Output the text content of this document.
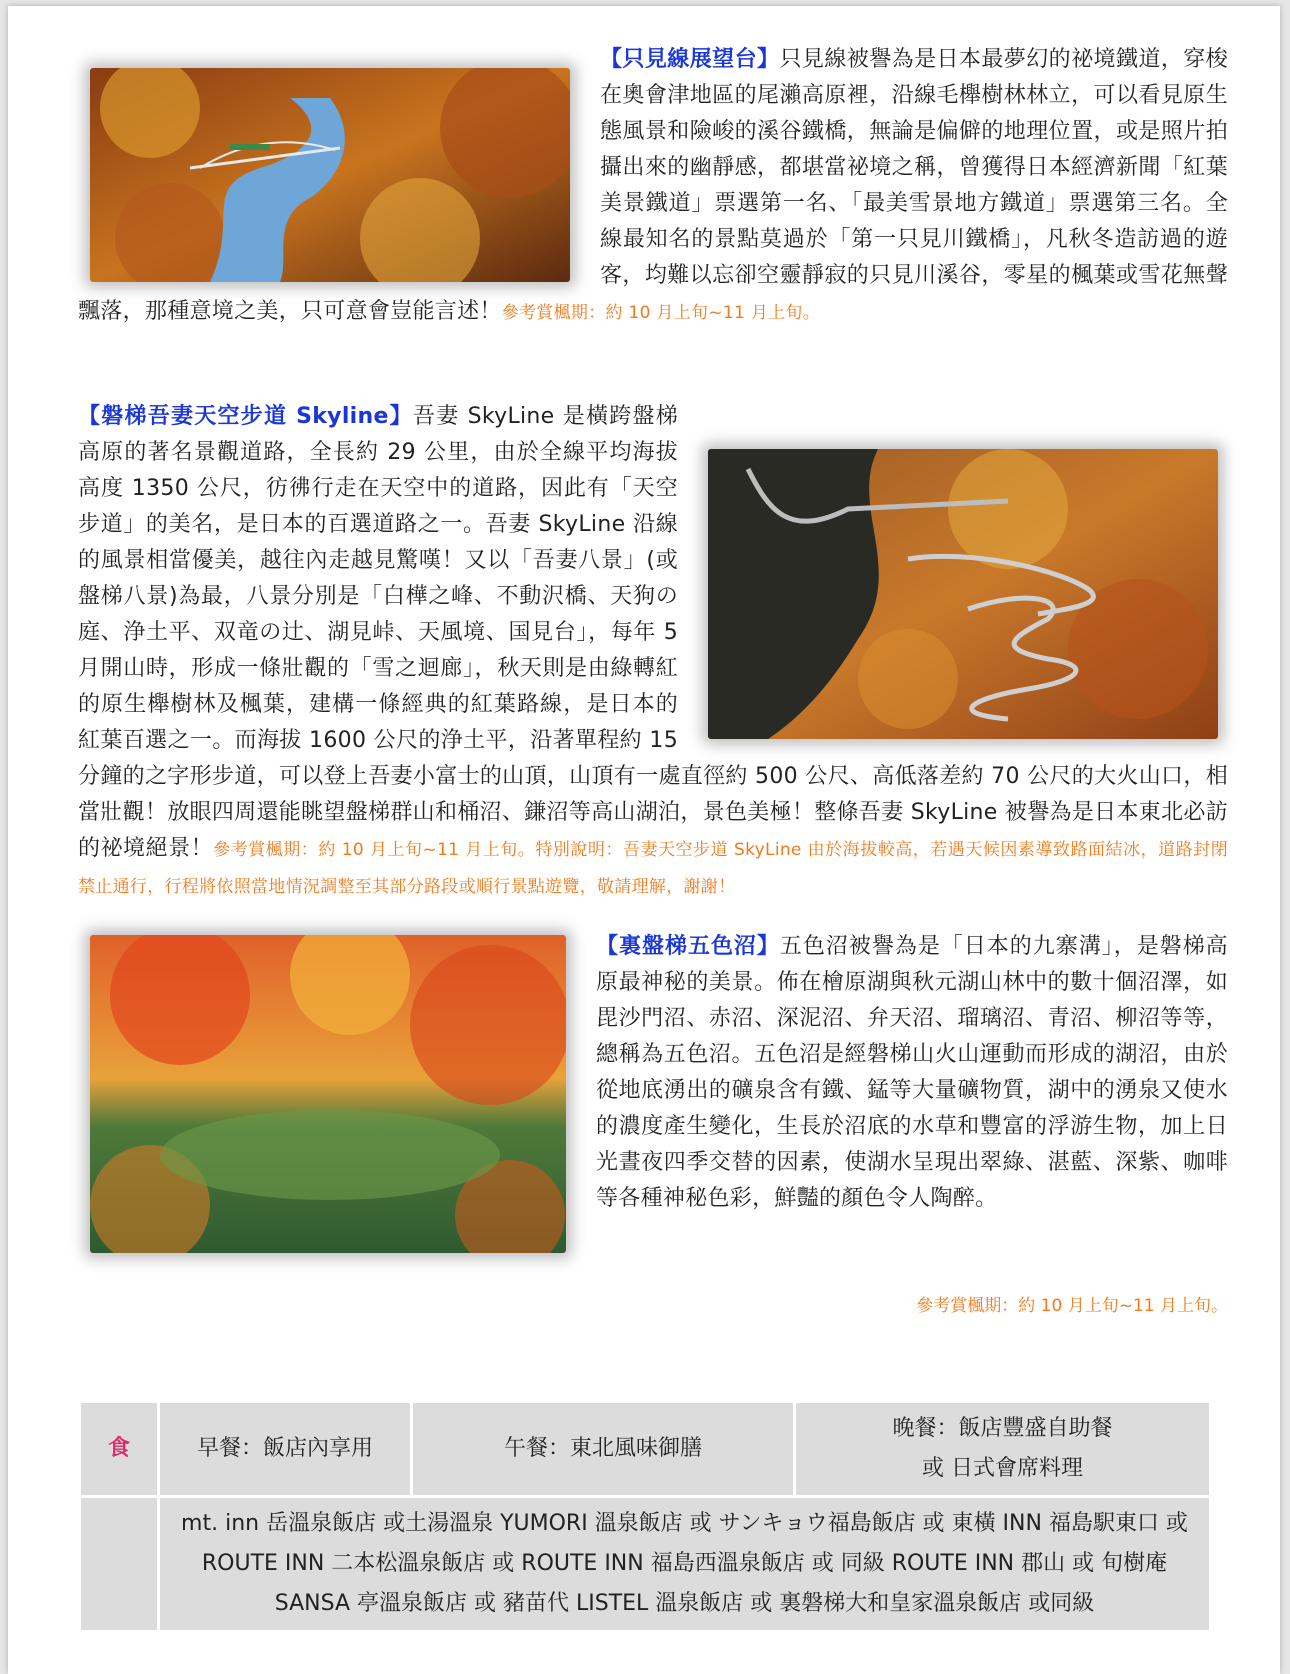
【只見線展望台】
只見線被譽為是日本最夢幻的祕境鐵道，穿梭在奧會津地區的尾瀨高原裡，沿線毛櫸樹林林立，可以看見原生態風景和險峻的溪谷鐵橋，無論是偏僻的地理位置，或是照片拍攝出來的幽靜感，都堪當祕境之稱，曾獲得日本經濟新聞「紅葉美景鐵道」票選第一名、「最美雪景地方鐵道」票選第三名。全線最知名的景點莫過於「第一只見川鐵橋」，凡秋冬造訪過的遊客，均難以忘卻空靈靜寂的只見川溪谷，零星的楓葉或雪花無聲飄落，那種意境之美，只可意會豈能言述！參考賞楓期：約 10 月上旬~11 月上旬。

【磐梯吾妻天空步道 Skyline】吾妻 SkyLine 是橫跨盤梯高原的著名景觀道路，全長約 29 公里，由於全線平均海拔高度 1350 公尺，彷彿行走在天空中的道路，因此有「天空步道」的美名，是日本的百選道路之一。吾妻 SkyLine 沿線的風景相當優美，越往內走越見驚嘆！又以「吾妻八景」(或盤梯八景)為最，八景分別是「白樺之峰、不動沢橋、天狗の庭、浄土平、双竜の辻、湖見峠、天風境、国見台」，每年 5 月開山時，形成一條壯觀的「雪之迴廊」，秋天則是由綠轉紅的原生櫸樹林及楓葉，建構一條經典的紅葉路線，是日本的紅葉百選之一。而海拔 1600 公尺的浄土平，沿著單程約 15 分鐘的之字形步道，可以登上吾妻小富士的山頂，山頂有一處直徑約 500 公尺、高低落差約 70 公尺的大火山口，相當壯觀！放眼四周還能眺望盤梯群山和桶沼、鎌沼等高山湖泊，景色美極！整條吾妻 SkyLine 被譽為是日本東北必訪的祕境絕景！參考賞楓期：約 10 月上旬~11 月上旬。特別說明：吾妻天空步道 SkyLine 由於海拔較高，若遇天候因素導致路面結冰，道路封閉禁止通行，行程將依照當地情況調整至其部分路段或順行景點遊覽，敬請理解，謝謝！

【裏盤梯五色沼】五色沼被譽為是「日本的九寨溝」，是磐梯高原最神秘的美景。佈在檜原湖與秋元湖山林中的數十個沼澤，如毘沙門沼、赤沼、深泥沼、弁天沼、瑠璃沼、青沼、柳沼等等，總稱為五色沼。五色沼是經磐梯山火山運動而形成的湖沼，由於從地底湧出的礦泉含有鐵、錳等大量礦物質，湖中的湧泉又使水的濃度產生變化，生長於沼底的水草和豐富的浮游生物，加上日光晝夜四季交替的因素，使湖水呈現出翠綠、湛藍、深紫、咖啡等各種神秘色彩，鮮豔的顏色令人陶醉。

參考賞楓期：約 10 月上旬~11 月上旬。
食	早餐：飯店內享用	午餐：東北風味御膳	晚餐：飯店豐盛自助餐
或 日式會席料理

	mt. inn 岳溫泉飯店 或土湯溫泉 YUMORI 溫泉飯店 或 サンキョウ福島飯店 或 東橫 INN 福島駅東口 或 ROUTE INN 二本松溫泉飯店 或 ROUTE INN 福島西溫泉飯店 或 同級 ROUTE INN 郡山 或 旬樹庵 SANSA 亭溫泉飯店 或 豬苗代 LISTEL 溫泉飯店 或 裏磐梯大和皇家溫泉飯店 或同級		
